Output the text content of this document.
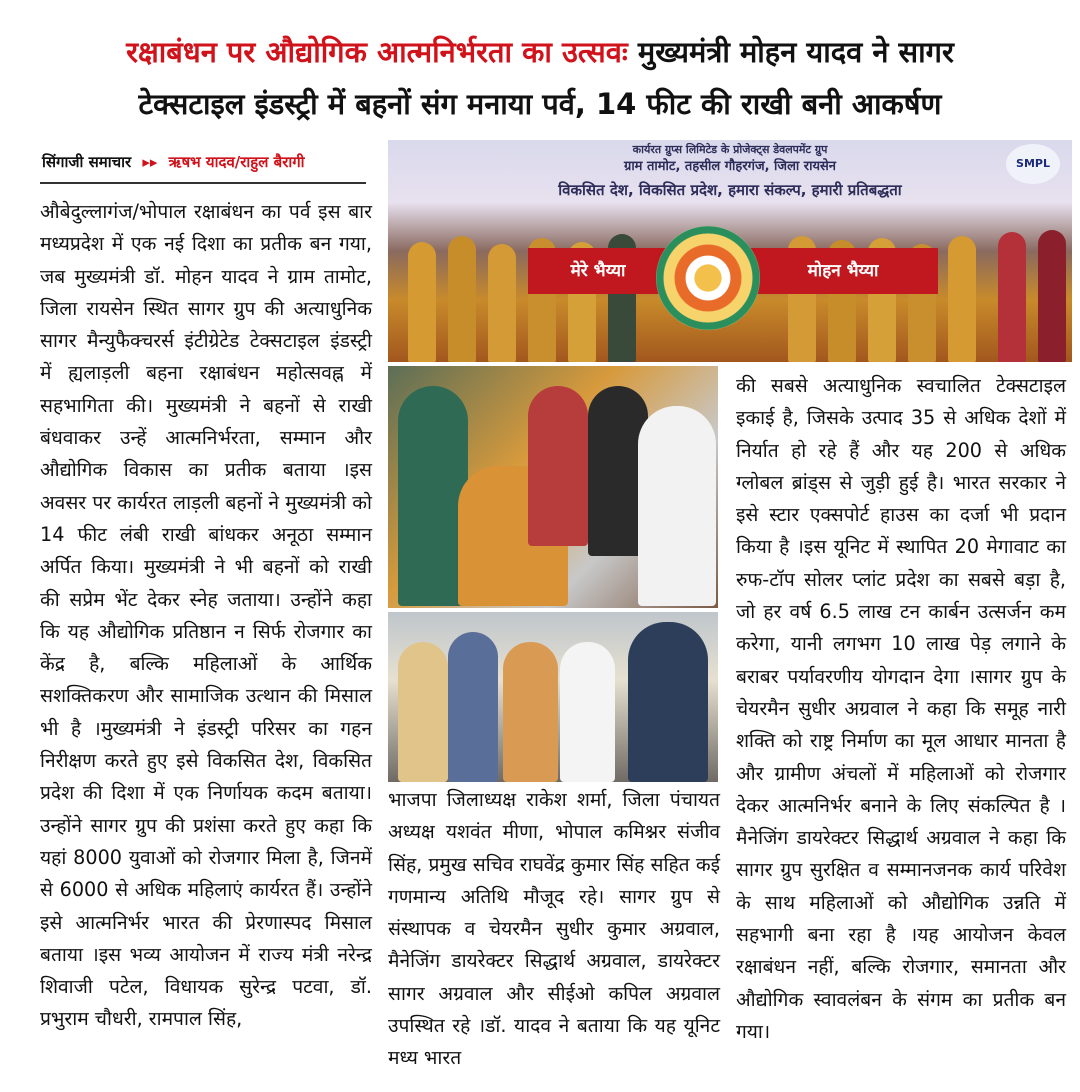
रक्षाबंधन पर औद्योगिक आत्मनिर्भरता का उत्सवः मुख्यमंत्री मोहन यादव ने सागर
टेक्सटाइल इंडस्ट्री में बहनों संग मनाया पर्व, 14 फीट की राखी बनी आकर्षण
सिंगाजी समाचार ▸▸ ऋषभ यादव/राहुल बैरागी
औबेदुल्लागंज/भोपाल रक्षाबंधन का पर्व इस बार मध्यप्रदेश में एक नई दिशा का प्रतीक बन गया, जब मुख्यमंत्री डॉ. मोहन यादव ने ग्राम तामोट, जिला रायसेन स्थित सागर ग्रुप की अत्याधुनिक सागर मैन्युफैक्चरर्स इंटीग्रेटेड टेक्सटाइल इंडस्ट्री में ह्यलाड़ली बहना रक्षाबंधन महोत्सवह्न में सहभागिता की। मुख्यमंत्री ने बहनों से राखी बंधवाकर उन्हें आत्मनिर्भरता, सम्मान और औद्योगिक विकास का प्रतीक बताया ।इस अवसर पर कार्यरत लाड़ली बहनों ने मुख्यमंत्री को 14 फीट लंबी राखी बांधकर अनूठा सम्मान अर्पित किया। मुख्यमंत्री ने भी बहनों को राखी की सप्रेम भेंट देकर स्नेह जताया। उन्होंने कहा कि यह औद्योगिक प्रतिष्ठान न सिर्फ रोजगार का केंद्र है, बल्कि महिलाओं के आर्थिक सशक्तिकरण और सामाजिक उत्थान की मिसाल भी है ।मुख्यमंत्री ने इंडस्ट्री परिसर का गहन निरीक्षण करते हुए इसे विकसित देश, विकसित प्रदेश की दिशा में एक निर्णायक कदम बताया। उन्होंने सागर ग्रुप की प्रशंसा करते हुए कहा कि यहां 8000 युवाओं को रोजगार मिला है, जिनमें से 6000 से अधिक महिलाएं कार्यरत हैं। उन्होंने इसे आत्मनिर्भर भारत की प्रेरणास्पद मिसाल बताया ।इस भव्य आयोजन में राज्य मंत्री नरेन्द्र शिवाजी पटेल, विधायक सुरेन्द्र पटवा, डॉ. प्रभुराम चौधरी, रामपाल सिंह,
कार्यरत ग्रुप्स लिमिटेड के प्रोजेक्ट्स डेवलपमेंट ग्रुप
ग्राम तामोट, तहसील गौहरगंज, जिला रायसेन
विकसित देश, विकसित प्रदेश, हमारा संकल्प, हमारी प्रतिबद्धता
SMPL
मेरे भैय्या	मोहन भैय्या
भाजपा जिलाध्यक्ष राकेश शर्मा, जिला पंचायत अध्यक्ष यशवंत मीणा, भोपाल कमिश्नर संजीव सिंह, प्रमुख सचिव राघवेंद्र कुमार सिंह सहित कई गणमान्य अतिथि मौजूद रहे। सागर ग्रुप से संस्थापक व चेयरमैन सुधीर कुमार अग्रवाल, मैनेजिंग डायरेक्टर सिद्धार्थ अग्रवाल, डायरेक्टर सागर अग्रवाल और सीईओ कपिल अग्रवाल उपस्थित रहे ।डॉ. यादव ने बताया कि यह यूनिट मध्य भारत
की सबसे अत्याधुनिक स्वचालित टेक्सटाइल इकाई है, जिसके उत्पाद 35 से अधिक देशों में निर्यात हो रहे हैं और यह 200 से अधिक ग्लोबल ब्रांड्स से जुड़ी हुई है। भारत सरकार ने इसे स्टार एक्सपोर्ट हाउस का दर्जा भी प्रदान किया है ।इस यूनिट में स्थापित 20 मेगावाट का रुफ-टॉप सोलर प्लांट प्रदेश का सबसे बड़ा है, जो हर वर्ष 6.5 लाख टन कार्बन उत्सर्जन कम करेगा, यानी लगभग 10 लाख पेड़ लगाने के बराबर पर्यावरणीय योगदान देगा ।सागर ग्रुप के चेयरमैन सुधीर अग्रवाल ने कहा कि समूह नारी शक्ति को राष्ट्र निर्माण का मूल आधार मानता है और ग्रामीण अंचलों में महिलाओं को रोजगार देकर आत्मनिर्भर बनाने के लिए संकल्पित है ।मैनेजिंग डायरेक्टर सिद्धार्थ अग्रवाल ने कहा कि सागर ग्रुप सुरक्षित व सम्मानजनक कार्य परिवेश के साथ महिलाओं को औद्योगिक उन्नति में सहभागी बना रहा है ।यह आयोजन केवल रक्षाबंधन नहीं, बल्कि रोजगार, समानता और औद्योगिक स्वावलंबन के संगम का प्रतीक बन गया।
